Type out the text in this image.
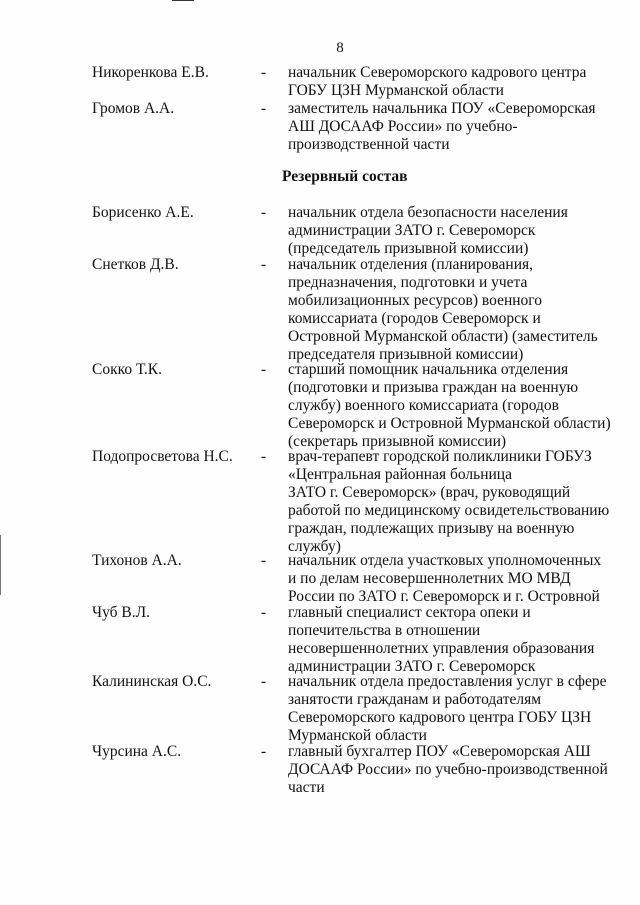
8
Никоренкова Е.В.	- начальник Североморского кадрового центра
ГОБУ ЦЗН Мурманской области
Громов А.А.	- заместитель начальника ПОУ «Североморская
АШ ДОСААФ России» по учебно-
производственной части
Резервный состав
Борисенко А.Е.	- начальник отдела безопасности населения
администрации ЗАТО г. Североморск
(председатель призывной комиссии)
Снетков Д.В.	- начальник отделения (планирования,
предназначения, подготовки и учета
мобилизационных ресурсов) военного
комиссариата (городов Североморск и
Островной Мурманской области) (заместитель
председателя призывной комиссии)
Сокко Т.К.	- старший помощник начальника отделения
(подготовки и призыва граждан на военную
службу) военного комиссариата (городов
Североморск и Островной Мурманской области)
(секретарь призывной комиссии)
Подопросветова Н.С. - врач-терапевт городской поликлиники ГОБУЗ
«Центральная районная больница
ЗАТО г. Североморск» (врач, руководящий
работой по медицинскому освидетельствованию
граждан, подлежащих призыву на военную
службу)
Тихонов А.А.	- начальник отдела участковых уполномоченных
и по делам несовершеннолетних МО МВД
России по ЗАТО г. Североморск и г. Островной
Чуб В.Л.	- главный специалист сектора опеки и
попечительства в отношении
несовершеннолетних управления образования
администрации ЗАТО г. Североморск
Калининская О.С.	- начальник отдела предоставления услуг в сфере
занятости гражданам и работодателям
Североморского кадрового центра ГОБУ ЦЗН
Мурманской области
Чурсина А.С.	- главный бухгалтер ПОУ «Североморская АШ
ДОСААФ России» по учебно-производственной
части
